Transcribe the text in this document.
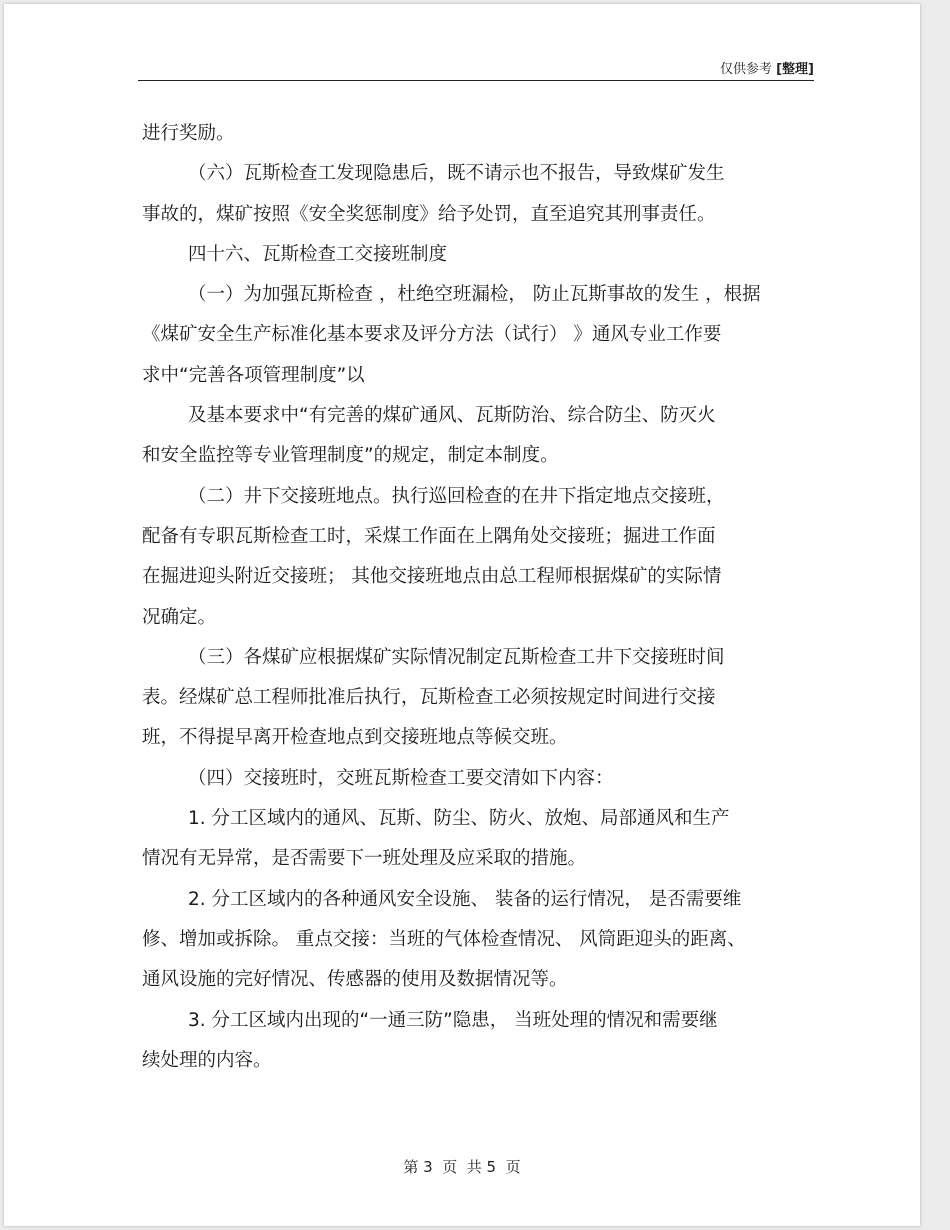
仅供参考 [整理]
进行奖励。
（六）瓦斯检查工发现隐患后，既不请示也不报告，导致煤矿发生
事故的，煤矿按照《安全奖惩制度》给予处罚，直至追究其刑事责任。
四十六、瓦斯检查工交接班制度
（一）为加强瓦斯检查 ，杜绝空班漏检， 防止瓦斯事故的发生 ，根据
《煤矿安全生产标准化基本要求及评分方法（试行） 》通风专业工作要
求中“完善各项管理制度”以
及基本要求中“有完善的煤矿通风、瓦斯防治、综合防尘、防灭火
和安全监控等专业管理制度”的规定，制定本制度。
（二）井下交接班地点。执行巡回检查的在井下指定地点交接班，
配备有专职瓦斯检查工时，采煤工作面在上隅角处交接班；掘进工作面
在掘进迎头附近交接班； 其他交接班地点由总工程师根据煤矿的实际情
况确定。
（三）各煤矿应根据煤矿实际情况制定瓦斯检查工井下交接班时间
表。经煤矿总工程师批准后执行，瓦斯检查工必须按规定时间进行交接
班，不得提早离开检查地点到交接班地点等候交班。
（四）交接班时，交班瓦斯检查工要交清如下内容：
1. 分工区域内的通风、瓦斯、防尘、防火、放炮、局部通风和生产
情况有无异常，是否需要下一班处理及应采取的措施。
2. 分工区域内的各种通风安全设施、 装备的运行情况， 是否需要维
修、增加或拆除。 重点交接：当班的气体检查情况、 风筒距迎头的距离、
通风设施的完好情况、传感器的使用及数据情况等。
3. 分工区域内出现的“一通三防”隐患， 当班处理的情况和需要继
续处理的内容。
第 3  页  共 5  页
